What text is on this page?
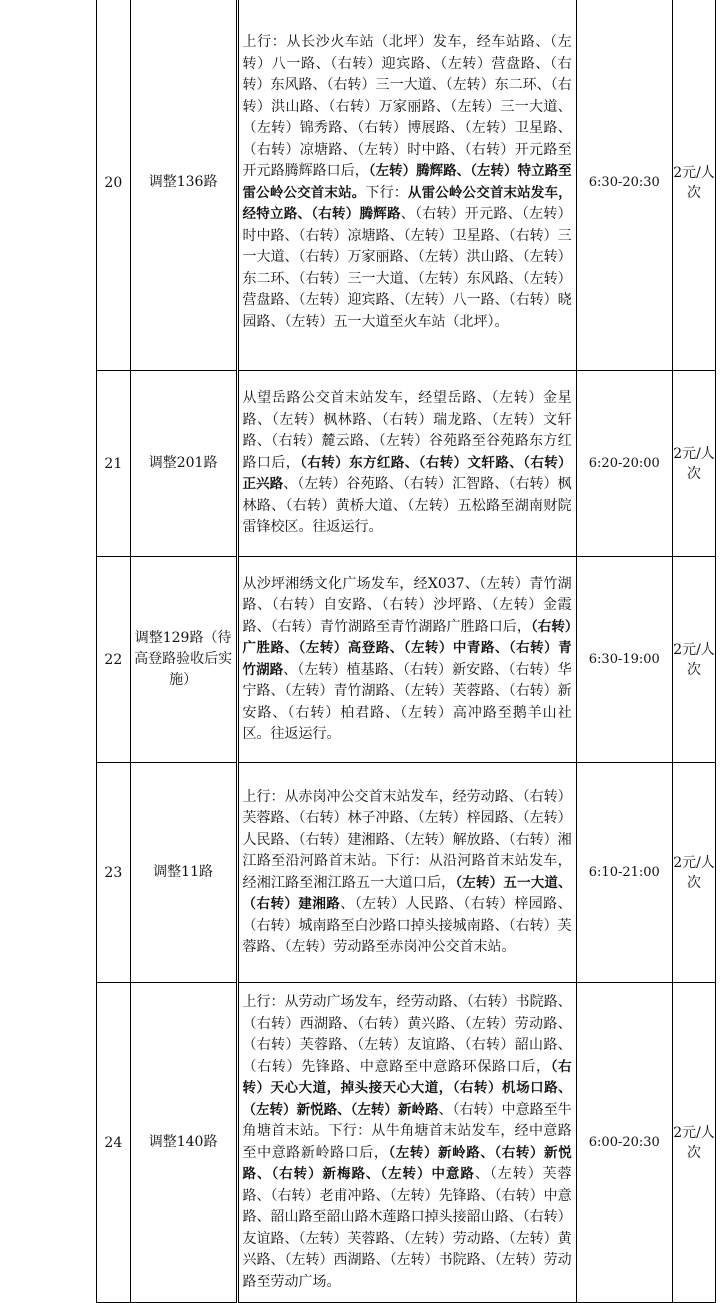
20	调整136路	上行：从长沙火车站（北坪）发车，经车站路、（左转）八一路、（右转）迎宾路、（左转）营盘路、（右转）东风路、（右转）三一大道、（左转）东二环、（右转）洪山路、（右转）万家丽路、（左转）三一大道、（左转）锦秀路、（右转）博展路、（左转）卫星路、（右转）凉塘路、（左转）时中路、（右转）开元路至开元路腾辉路口后，（左转）腾辉路、（左转）特立路至雷公岭公交首末站。下行：从雷公岭公交首末站发车，经特立路、（右转）腾辉路、（右转）开元路、（左转）时中路、（右转）凉塘路、（左转）卫星路、（右转）三一大道、（右转）万家丽路、（左转）洪山路、（左转）东二环、（右转）三一大道、（左转）东风路、（左转）营盘路、（左转）迎宾路、（左转）八一路、（右转）晓园路、（左转）五一大道至火车站（北坪）。	6:30-20:30	2元/人次
21	调整201路	从望岳路公交首末站发车，经望岳路、（左转）金星路、（左转）枫林路、（右转）瑞龙路、（左转）文轩路、（右转）麓云路、（左转）谷苑路至谷苑路东方红路口后，（右转）东方红路、（右转）文轩路、（右转）正兴路、（左转）谷苑路、（右转）汇智路、（右转）枫林路、（右转）黄桥大道、（左转）五松路至湖南财院雷锋校区。往返运行。	6:20-20:00	2元/人次
22	调整129路（待高登路验收后实施）	从沙坪湘绣文化广场发车，经X037、（左转）青竹湖路、（右转）自安路、（右转）沙坪路、（左转）金霞路、（右转）青竹湖路至青竹湖路广胜路口后，（右转）广胜路、（左转）高登路、（左转）中青路、（右转）青竹湖路、（左转）植基路、（右转）新安路、（右转）华宁路、（左转）青竹湖路、（左转）芙蓉路、（右转）新安路、（右转）柏君路、（左转）高冲路至鹅羊山社区。往返运行。	6:30-19:00	2元/人次
23	调整11路	上行：从赤岗冲公交首末站发车，经劳动路、（右转）芙蓉路、（右转）林子冲路、（左转）梓园路、（左转）人民路、（右转）建湘路、（左转）解放路、（右转）湘江路至沿河路首末站。下行：从沿河路首末站发车，经湘江路至湘江路五一大道口后，（左转）五一大道、（右转）建湘路、（左转）人民路、（右转）梓园路、（右转）城南路至白沙路口掉头接城南路、（右转）芙蓉路、（左转）劳动路至赤岗冲公交首末站。	6:10-21:00	2元/人次
24	调整140路	上行：从劳动广场发车，经劳动路、（右转）书院路、（右转）西湖路、（右转）黄兴路、（左转）劳动路、（右转）芙蓉路、（左转）友谊路、（右转）韶山路、（右转）先锋路、中意路至中意路环保路口后，（右转）天心大道，掉头接天心大道，（右转）机场口路、（左转）新悦路、（左转）新岭路、（右转）中意路至牛角塘首末站。下行：从牛角塘首末站发车，经中意路至中意路新岭路口后，（左转）新岭路、（右转）新悦路、（右转）新梅路、（左转）中意路、（左转）芙蓉路、（右转）老甫冲路、（左转）先锋路、（右转）中意路、韶山路至韶山路木莲路口掉头接韶山路、（右转）友谊路、（左转）芙蓉路、（左转）劳动路、（左转）黄兴路、（左转）西湖路、（左转）书院路、（左转）劳动路至劳动广场。	6:00-20:30	2元/人次
